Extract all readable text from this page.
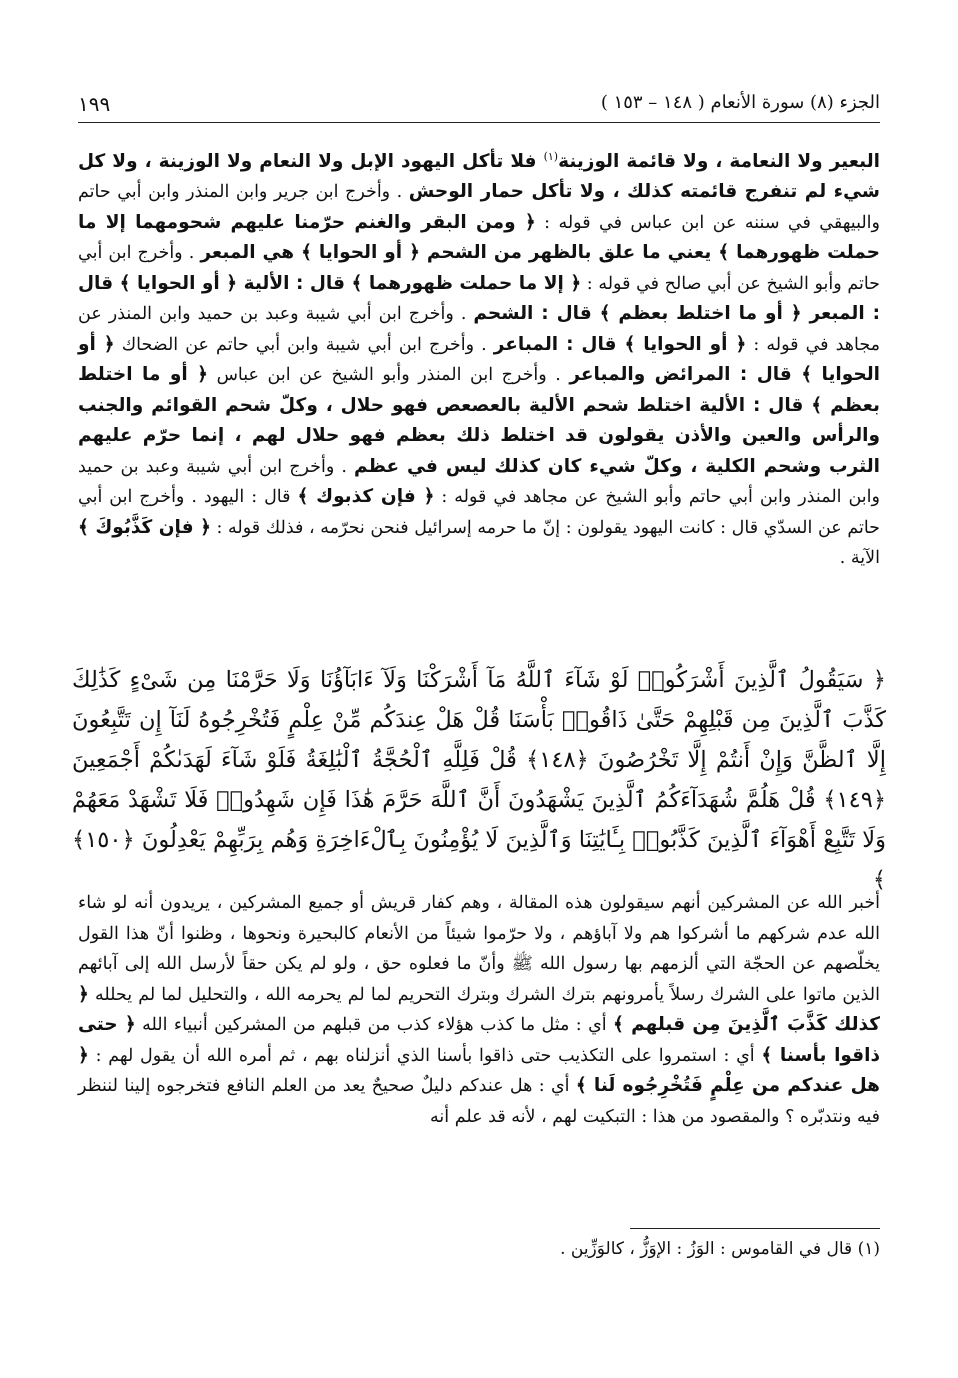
الجزء (٨) سورة الأنعام ( ١٤٨ – ١٥٣ )
١٩٩

البعير ولا النعامة ، ولا قائمة الوزينة$^{(١)}$ فلا تأكل اليهود الإبل ولا النعام ولا الوزينة ، ولا كل شيء لم تنفرج قائمته كذلك ، ولا تأكل حمار الوحش . وأخرج ابن جرير وابن المنذر وابن أبي حاتم والبيهقي في سننه عن ابن عباس في قوله : ﴿ ومن البقر والغنم حرّمنا عليهم شحومهما إلا ما حملت ظهورهما ﴾ يعني ما علق بالظهر من الشحم ﴿ أو الحوايا ﴾ هي المبعر . وأخرج ابن أبي حاتم وأبو الشيخ عن أبي صالح في قوله : ﴿ إلا ما حملت ظهورهما ﴾ قال : الألية ﴿ أو الحوايا ﴾ قال : المبعر ﴿ أو ما اختلط بعظم ﴾ قال : الشحم . وأخرج ابن أبي شيبة وعبد بن حميد وابن المنذر عن مجاهد في قوله : ﴿ أو الحوايا ﴾ قال : المباعر . وأخرج ابن أبي شيبة وابن أبي حاتم عن الضحاك ﴿ أو الحوايا ﴾ قال : المرائض والمباعر . وأخرج ابن المنذر وأبو الشيخ عن ابن عباس ﴿ أو ما اختلط بعظم ﴾ قال : الألية اختلط شحم الألية بالعصعص فهو حلال ، وكلّ شحم القوائم والجنب والرأس والعين والأذن يقولون قد اختلط ذلك بعظم فهو حلال لهم ، إنما حرّم عليهم الثرب وشحم الكلية ، وكلّ شيء كان كذلك ليس في عظم . وأخرج ابن أبي شيبة وعبد بن حميد وابن المنذر وابن أبي حاتم وأبو الشيخ عن مجاهد في قوله : ﴿ فإن كذبوك ﴾ قال : اليهود . وأخرج ابن أبي حاتم عن السدّي قال : كانت اليهود يقولون : إنّ ما حرمه إسرائيل فنحن نحرّمه ، فذلك قوله : ﴿ فإن كَذَّبُوكَ ﴾ الآية .

﴿ سَيَقُولُ ٱلَّذِينَ أَشْرَكُوا۟ لَوْ شَآءَ ٱللَّهُ مَآ أَشْرَكْنَا وَلَآ ءَابَآؤُنَا وَلَا حَرَّمْنَا مِن شَىْءٍ كَذَٰلِكَ كَذَّبَ ٱلَّذِينَ مِن قَبْلِهِمْ حَتَّىٰ ذَاقُوا۟ بَأْسَنَا قُلْ هَلْ عِندَكُم مِّنْ عِلْمٍ فَتُخْرِجُوهُ لَنَآ إِن تَتَّبِعُونَ إِلَّا ٱلظَّنَّ وَإِنْ أَنتُمْ إِلَّا تَخْرُصُونَ ﴿١٤٨﴾ قُلْ فَلِلَّهِ ٱلْحُجَّةُ ٱلْبَٰلِغَةُ فَلَوْ شَآءَ لَهَدَىٰكُمْ أَجْمَعِينَ ﴿١٤٩﴾ قُلْ هَلُمَّ شُهَدَآءَكُمُ ٱلَّذِينَ يَشْهَدُونَ أَنَّ ٱللَّهَ حَرَّمَ هَٰذَا فَإِن شَهِدُوا۟ فَلَا تَشْهَدْ مَعَهُمْ وَلَا تَتَّبِعْ أَهْوَآءَ ٱلَّذِينَ كَذَّبُوا۟ بِـَٔايَٰتِنَا وَٱلَّذِينَ لَا يُؤْمِنُونَ بِٱلْءَاخِرَةِ وَهُم بِرَبِّهِمْ يَعْدِلُونَ ﴿١٥٠﴾ ﴾

أخبر الله عن المشركين أنهم سيقولون هذه المقالة ، وهم كفار قريش أو جميع المشركين ، يريدون أنه لو شاء الله عدم شركهم ما أشركوا هم ولا آباؤهم ، ولا حرّموا شيئاً من الأنعام كالبحيرة ونحوها ، وظنوا أنّ هذا القول يخلّصهم عن الحجّة التي ألزمهم بها رسول الله ﷺ وأنّ ما فعلوه حق ، ولو لم يكن حقاً لأرسل الله إلى آبائهم الذين ماتوا على الشرك رسلاً يأمرونهم بترك الشرك وبترك التحريم لما لم يحرمه الله ، والتحليل لما لم يحلله ﴿ كذلك كَذَّبَ ٱلَّذِينَ مِن قبلهم ﴾ أي : مثل ما كذب هؤلاء كذب من قبلهم من المشركين أنبياء الله ﴿ حتى ذاقوا بأسنا ﴾ أي : استمروا على التكذيب حتى ذاقوا بأسنا الذي أنزلناه بهم ، ثم أمره الله أن يقول لهم : ﴿ هل عندكم من عِلْمٍ فَتُخْرِجُوه لَنا ﴾ أي : هل عندكم دليلٌ صحيحٌ يعد من العلم النافع فتخرجوه إلينا لننظر فيه ونتدبّره ؟ والمقصود من هذا : التبكيت لهم ، لأنه قد علم أنه

(١) قال في القاموس : الوَزُ : الإوَزُّ ، كالوَزِّين .
